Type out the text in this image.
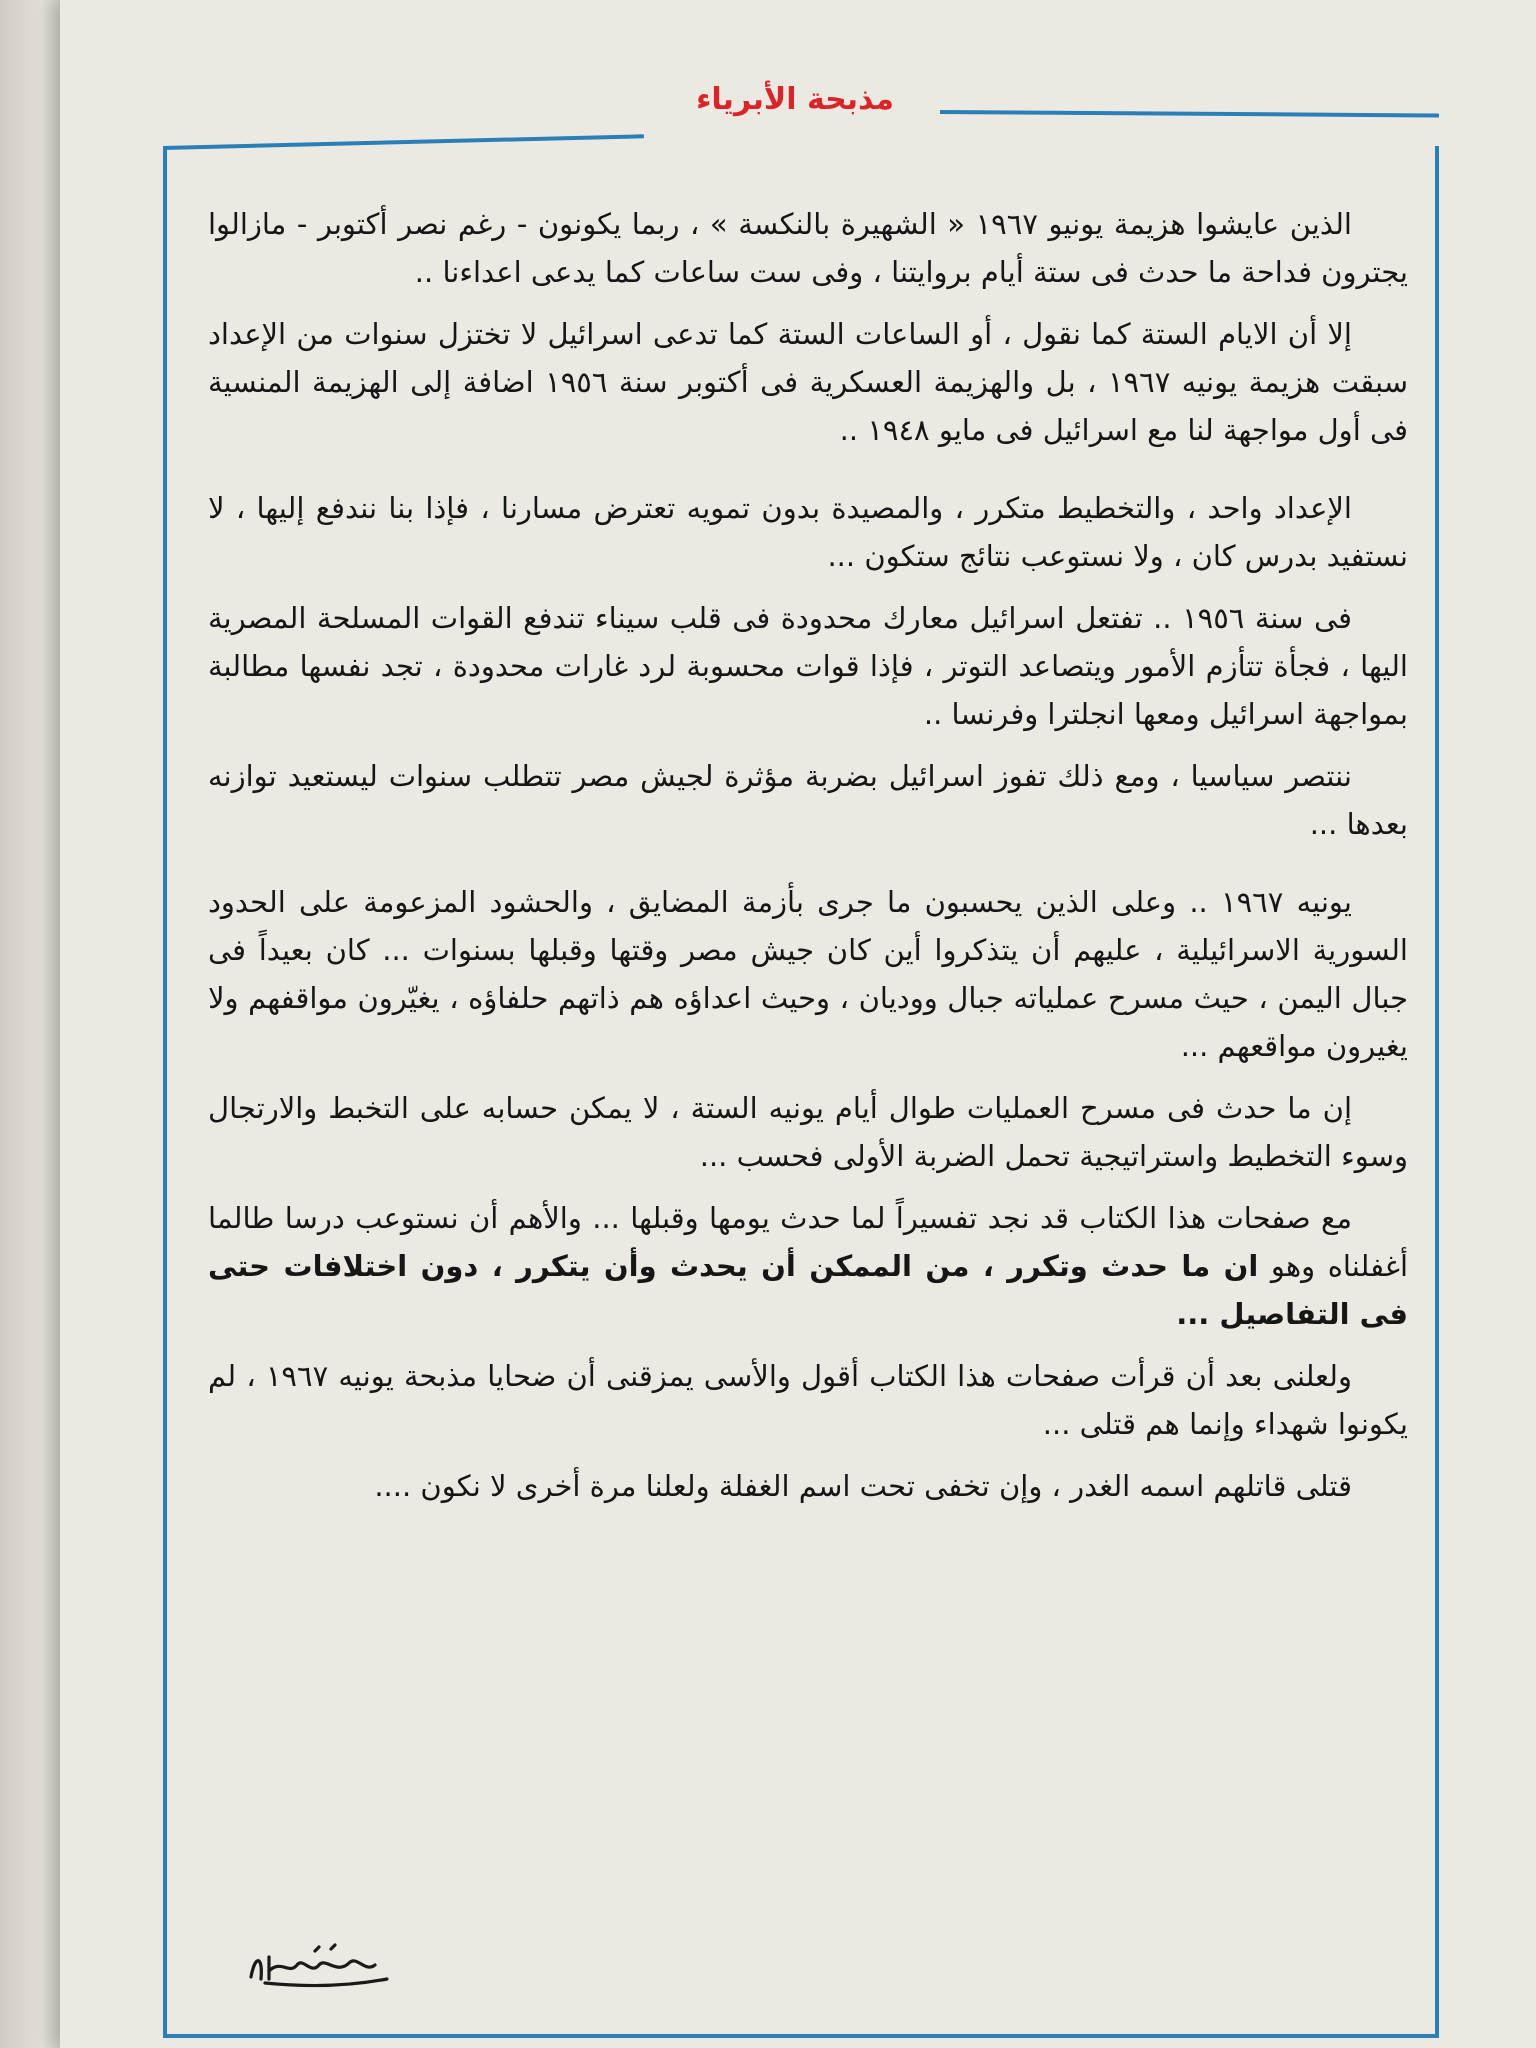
مذبحة الأبرياء

الذين عايشوا هزيمة يونيو ١٩٦٧ « الشهيرة بالنكسة » ، ربما يكونون - رغم نصر أكتوبر - مازالوا يجترون فداحة ما حدث فى ستة أيام بروايتنا ، وفى ست ساعات كما يدعى اعداءنا ..

إلا أن الايام الستة كما نقول ، أو الساعات الستة كما تدعى اسرائيل لا تختزل سنوات من الإعداد سبقت هزيمة يونيه ١٩٦٧ ، بل والهزيمة العسكرية فى أكتوبر سنة ١٩٥٦ اضافة إلى الهزيمة المنسية فى أول مواجهة لنا مع اسرائيل فى مايو ١٩٤٨ ..

الإعداد واحد ، والتخطيط متكرر ، والمصيدة بدون تمويه تعترض مسارنا ، فإذا بنا نندفع إليها ، لا نستفيد بدرس كان ، ولا نستوعب نتائج ستكون ...

فى سنة ١٩٥٦ .. تفتعل اسرائيل معارك محدودة فى قلب سيناء تندفع القوات المسلحة المصرية اليها ، فجأة تتأزم الأمور ويتصاعد التوتر ، فإذا قوات محسوبة لرد غارات محدودة ، تجد نفسها مطالبة بمواجهة اسرائيل ومعها انجلترا وفرنسا ..

ننتصر سياسيا ، ومع ذلك تفوز اسرائيل بضربة مؤثرة لجيش مصر تتطلب سنوات ليستعيد توازنه بعدها ...

يونيه ١٩٦٧ .. وعلى الذين يحسبون ما جرى بأزمة المضايق ، والحشود المزعومة على الحدود السورية الاسرائيلية ، عليهم أن يتذكروا أين كان جيش مصر وقتها وقبلها بسنوات ... كان بعيداً فى جبال اليمن ، حيث مسرح عملياته جبال ووديان ، وحيث اعداؤه هم ذاتهم حلفاؤه ، يغيّرون مواقفهم ولا يغيرون مواقعهم ...

إن ما حدث فى مسرح العمليات طوال أيام يونيه الستة ، لا يمكن حسابه على التخبط والارتجال وسوء التخطيط واستراتيجية تحمل الضربة الأولى فحسب ...

مع صفحات هذا الكتاب قد نجد تفسيراً لما حدث يومها وقبلها ... والأهم أن نستوعب درسا طالما أغفلناه وهو ان ما حدث وتكرر ، من الممكن أن يحدث وأن يتكرر ، دون اختلافات حتى فى التفاصيل ...

ولعلنى بعد أن قرأت صفحات هذا الكتاب أقول والأسى يمزقنى أن ضحايا مذبحة يونيه ١٩٦٧ ، لم يكونوا شهداء وإنما هم قتلى ...

قتلى قاتلهم اسمه الغدر ، وإن تخفى تحت اسم الغفلة ولعلنا مرة أخرى لا نكون ....
